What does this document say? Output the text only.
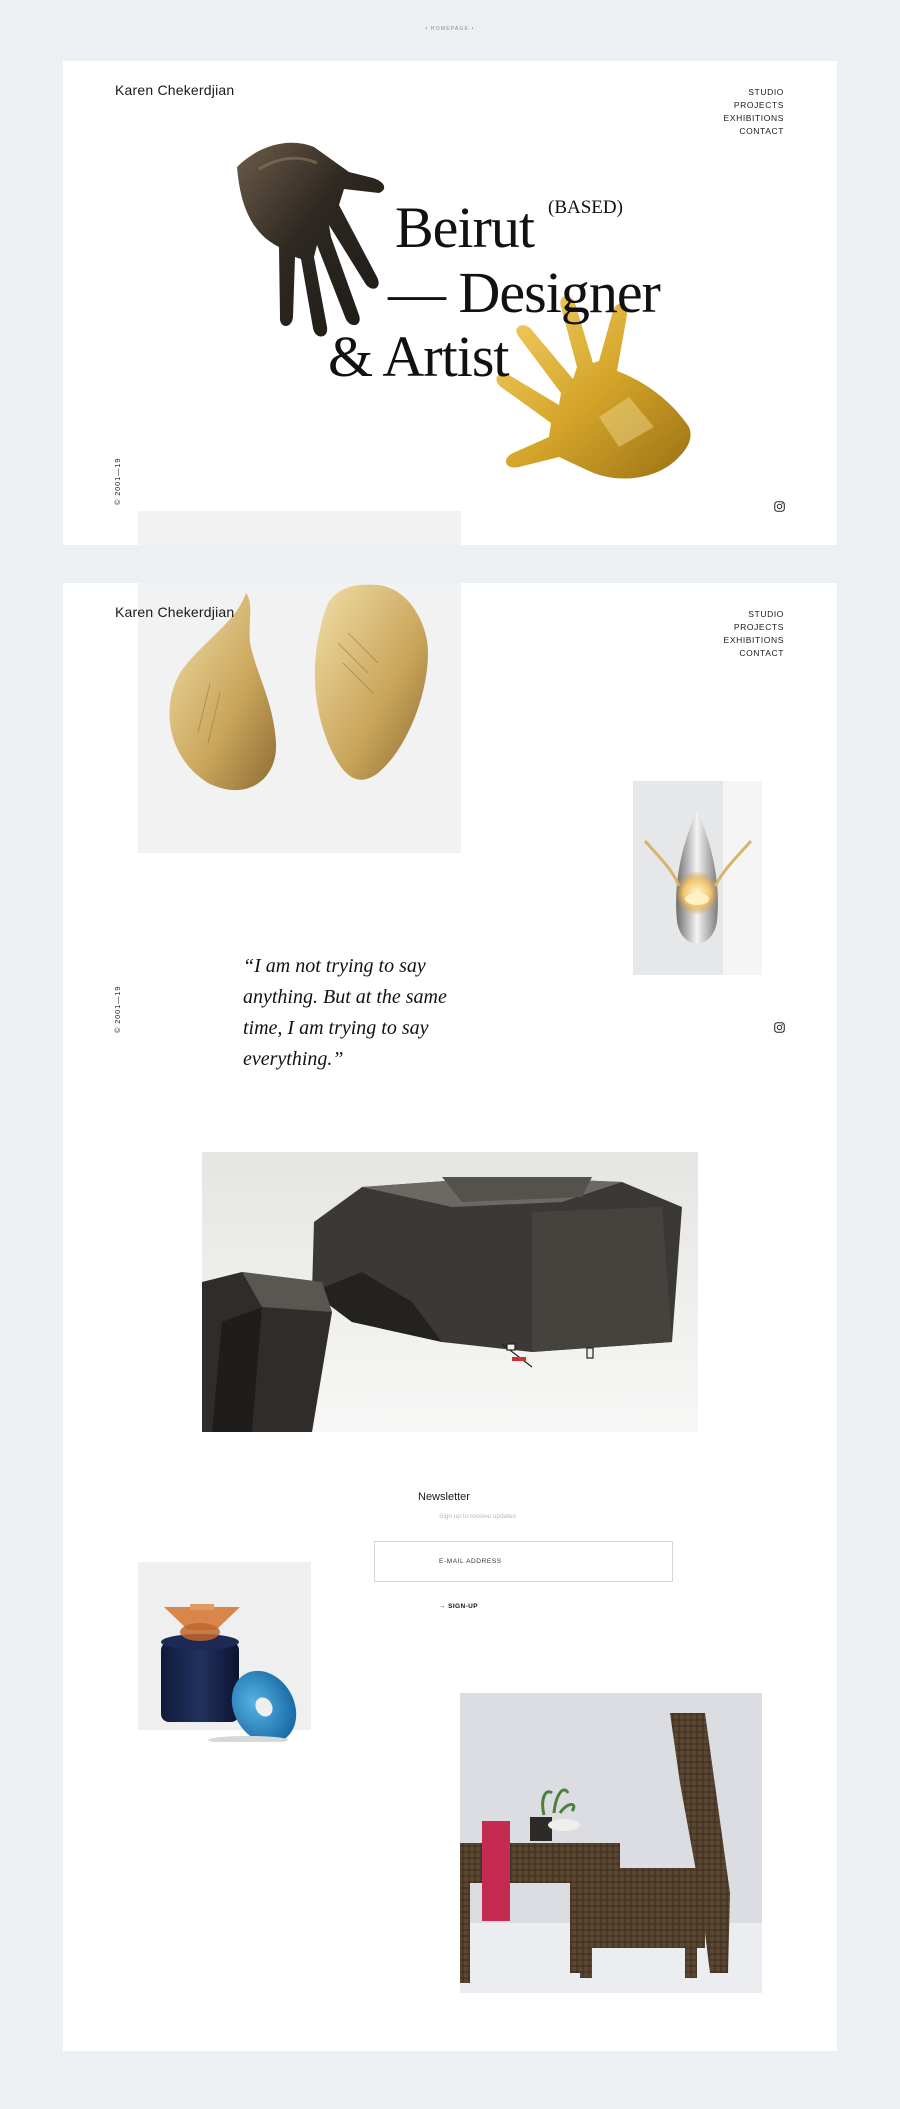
• HOMEPAGE •
Karen Chekerdjian	STUDIO
PROJECTS
EXHIBITIONS
CONTACT
Beirut (BASED)
— Designer
& Artist
© 2001—19
Karen Chekerdjian	STUDIO
PROJECTS
EXHIBITIONS
CONTACT
“I am not trying to say anything. But at the same time, I am trying to say everything.”
© 2001—19
Newsletter
Sign up to receive updates
E-MAIL ADDRESS
→ SIGN-UP
